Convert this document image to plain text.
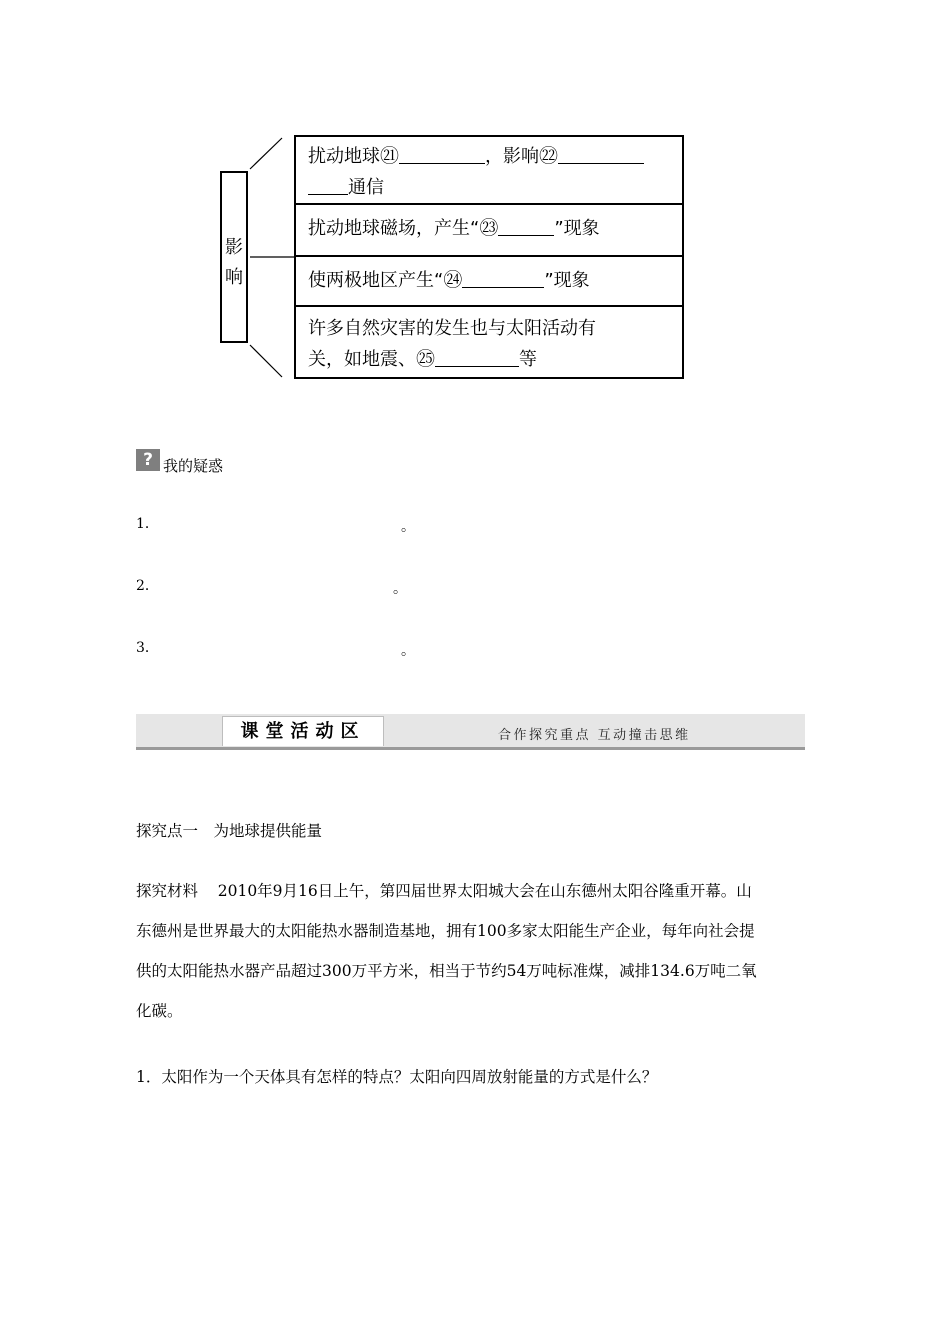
影
响
扰动地球㉑	，影响㉒
通信
扰动地球磁场，产生“㉓	”现象
使两极地区产生“㉔	”现象
许多自然灾害的发生也与太阳活动有
关，如地震、㉕	等
? 我的疑惑
1．	。
2．	。
3．	。
课堂活动区	合作探究重点 互动撞击思维
探究点一　为地球提供能量
探究材料 2010年9月16日上午，第四届世界太阳城大会在山东德州太阳谷隆重开幕。山
东德州是世界最大的太阳能热水器制造基地，拥有100多家太阳能生产企业，每年向社会提
供的太阳能热水器产品超过300万平方米，相当于节约54万吨标准煤，减排134.6万吨二氧
化碳。
1．太阳作为一个天体具有怎样的特点？太阳向四周放射能量的方式是什么？
